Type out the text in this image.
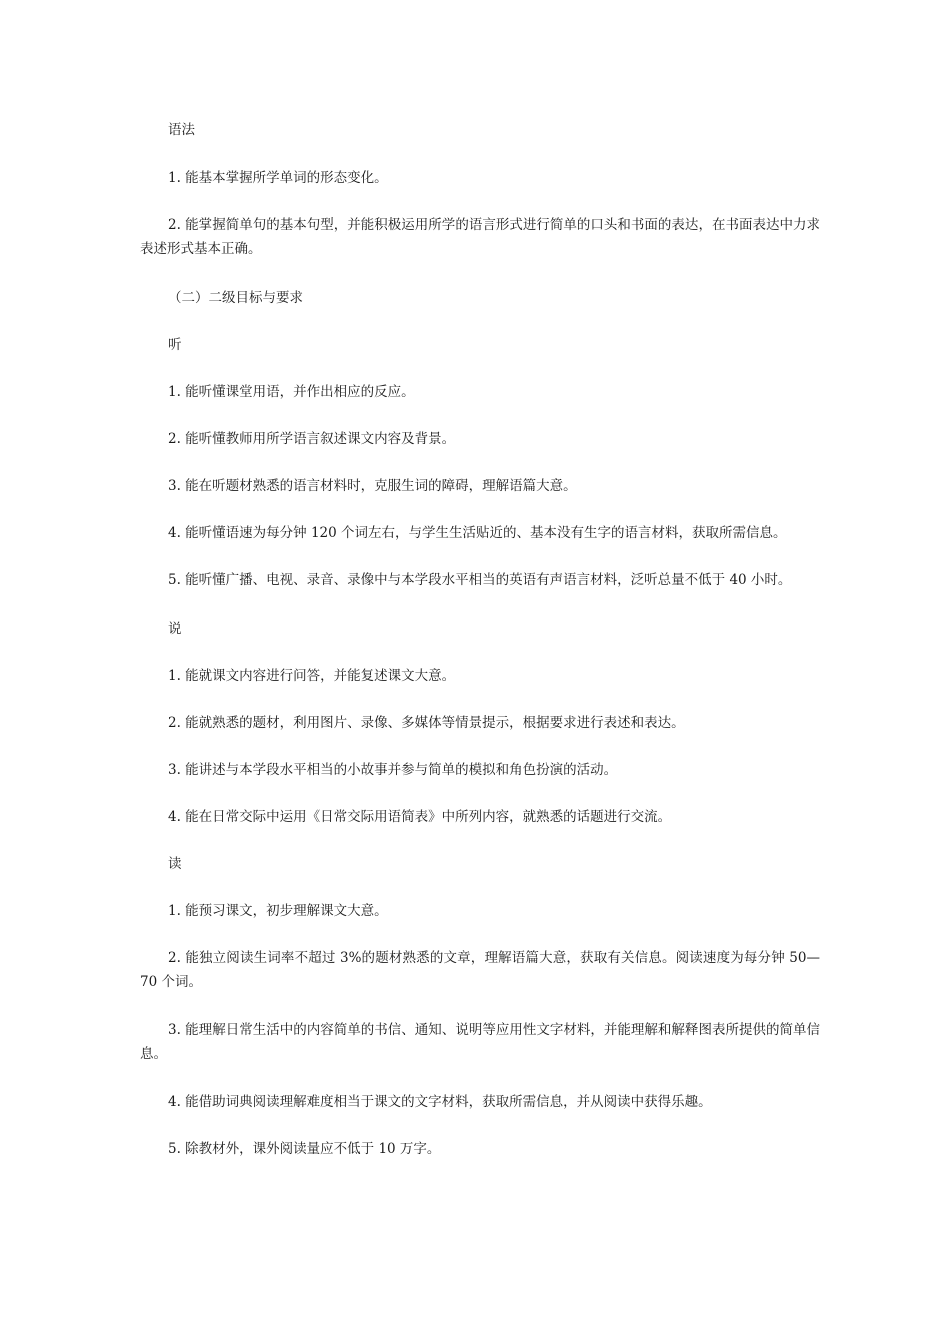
语法

1. 能基本掌握所学单词的形态变化。

2. 能掌握简单句的基本句型，并能积极运用所学的语言形式进行简单的口头和书面的表达，在书面表达中力求表述形式基本正确。

（二）二级目标与要求

听

1. 能听懂课堂用语，并作出相应的反应。

2. 能听懂教师用所学语言叙述课文内容及背景。

3. 能在听题材熟悉的语言材料时，克服生词的障碍，理解语篇大意。

4. 能听懂语速为每分钟 120 个词左右，与学生生活贴近的、基本没有生字的语言材料，获取所需信息。

5. 能听懂广播、电视、录音、录像中与本学段水平相当的英语有声语言材料，泛听总量不低于 40 小时。

说

1. 能就课文内容进行问答，并能复述课文大意。

2. 能就熟悉的题材，利用图片、录像、多媒体等情景提示，根据要求进行表述和表达。

3. 能讲述与本学段水平相当的小故事并参与简单的模拟和角色扮演的活动。

4. 能在日常交际中运用《日常交际用语简表》中所列内容，就熟悉的话题进行交流。

读

1. 能预习课文，初步理解课文大意。

2. 能独立阅读生词率不超过 3%的题材熟悉的文章，理解语篇大意，获取有关信息。阅读速度为每分钟 50—70 个词。

3. 能理解日常生活中的内容简单的书信、通知、说明等应用性文字材料，并能理解和解释图表所提供的简单信息。

4. 能借助词典阅读理解难度相当于课文的文字材料，获取所需信息，并从阅读中获得乐趣。

5. 除教材外，课外阅读量应不低于 10 万字。
